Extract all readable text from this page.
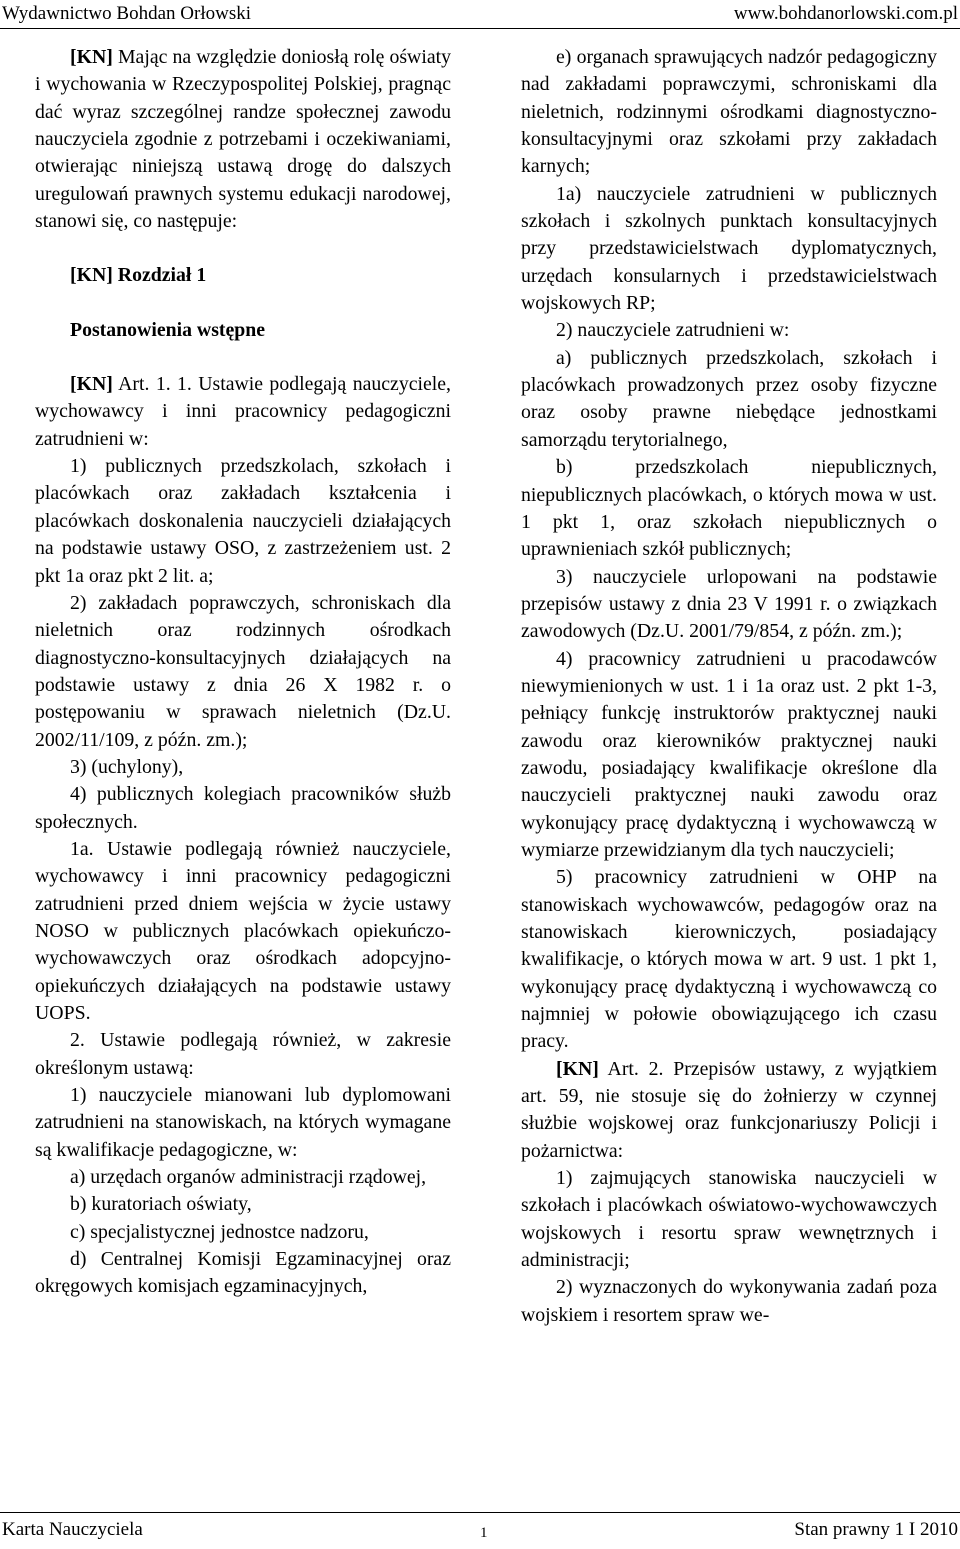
Wydawnictwo Bohdan Orłowski	www.bohdanorlowski.com.pl

[KN] Mając na względzie doniosłą rolę oświaty i wychowania w Rzeczypospolitej Polskiej, pragnąc dać wyraz szczególnej randze społecznej zawodu nauczyciela zgodnie z potrzebami i oczekiwaniami, otwierając niniejszą ustawą drogę do dalszych uregulowań prawnych systemu edukacji narodowej, stanowi się, co następuje:

[KN] Rozdział 1

Postanowienia wstępne

[KN] Art. 1. 1. Ustawie podlegają nauczyciele, wychowawcy i inni pracownicy pedagogiczni zatrudnieni w:

1) publicznych przedszkolach, szkołach i placówkach oraz zakładach kształcenia i placówkach doskonalenia nauczycieli działających na podstawie ustawy OSO, z zastrzeżeniem ust. 2 pkt 1a oraz pkt 2 lit. a;

2) zakładach poprawczych, schroniskach dla nieletnich oraz rodzinnych ośrodkach diagnostyczno-konsultacyjnych działających na podstawie ustawy z dnia 26 X 1982 r. o postępowaniu w sprawach nieletnich (Dz.U. 2002/11/109, z późn. zm.);

3) (uchylony),

4) publicznych kolegiach pracowników służb społecznych.

1a. Ustawie podlegają również nauczyciele, wychowawcy i inni pracownicy pedagogiczni zatrudnieni przed dniem wejścia w życie ustawy NOSO w publicznych placówkach opiekuńczo-wychowawczych oraz ośrodkach adopcyjno-opiekuńczych działających na podstawie ustawy UOPS.

2. Ustawie podlegają również, w zakresie określonym ustawą:

1) nauczyciele mianowani lub dyplomowani zatrudnieni na stanowiskach, na których wymagane są kwalifikacje pedagogiczne, w:

a) urzędach organów administracji rządowej,

b) kuratoriach oświaty,

c) specjalistycznej jednostce nadzoru,

d) Centralnej Komisji Egzaminacyjnej oraz okręgowych komisjach egzaminacyjnych,

e) organach sprawujących nadzór pedagogiczny nad zakładami poprawczymi, schroniskami dla nieletnich, rodzinnymi ośrodkami diagnostyczno-konsultacyjnymi oraz szkołami przy zakładach karnych;

1a) nauczyciele zatrudnieni w publicznych szkołach i szkolnych punktach konsultacyjnych przy przedstawicielstwach dyplomatycznych, urzędach konsularnych i przedstawicielstwach wojskowych RP;

2) nauczyciele zatrudnieni w:

a) publicznych przedszkolach, szkołach i placówkach prowadzonych przez osoby fizyczne oraz osoby prawne niebędące jednostkami samorządu terytorialnego,

b) przedszkolach niepublicznych, niepublicznych placówkach, o których mowa w ust. 1 pkt 1, oraz szkołach niepublicznych o uprawnieniach szkół publicznych;

3) nauczyciele urlopowani na podstawie przepisów ustawy z dnia 23 V 1991 r. o związkach zawodowych (Dz.U. 2001/79/854, z późn. zm.);

4) pracownicy zatrudnieni u pracodawców niewymienionych w ust. 1 i 1a oraz ust. 2 pkt 1-3, pełniący funkcję instruktorów praktycznej nauki zawodu oraz kierowników praktycznej nauki zawodu, posiadający kwalifikacje określone dla nauczycieli praktycznej nauki zawodu oraz wykonujący pracę dydaktyczną i wychowawczą w wymiarze przewidzianym dla tych nauczycieli;

5) pracownicy zatrudnieni w OHP na stanowiskach wychowawców, pedagogów oraz na stanowiskach kierowniczych, posiadający kwalifikacje, o których mowa w art. 9 ust. 1 pkt 1, wykonujący pracę dydaktyczną i wychowawczą co najmniej w połowie obowiązującego ich czasu pracy.

[KN] Art. 2. Przepisów ustawy, z wyjątkiem art. 59, nie stosuje się do żołnierzy w czynnej służbie wojskowej oraz funkcjonariuszy Policji i pożarnictwa:

1) zajmujących stanowiska nauczycieli w szkołach i placówkach oświatowo-wychowawczych wojskowych i resortu spraw wewnętrznych i administracji;

2) wyznaczonych do wykonywania zadań poza wojskiem i resortem spraw we-

Karta Nauczyciela	1	Stan prawny 1 I 2010
